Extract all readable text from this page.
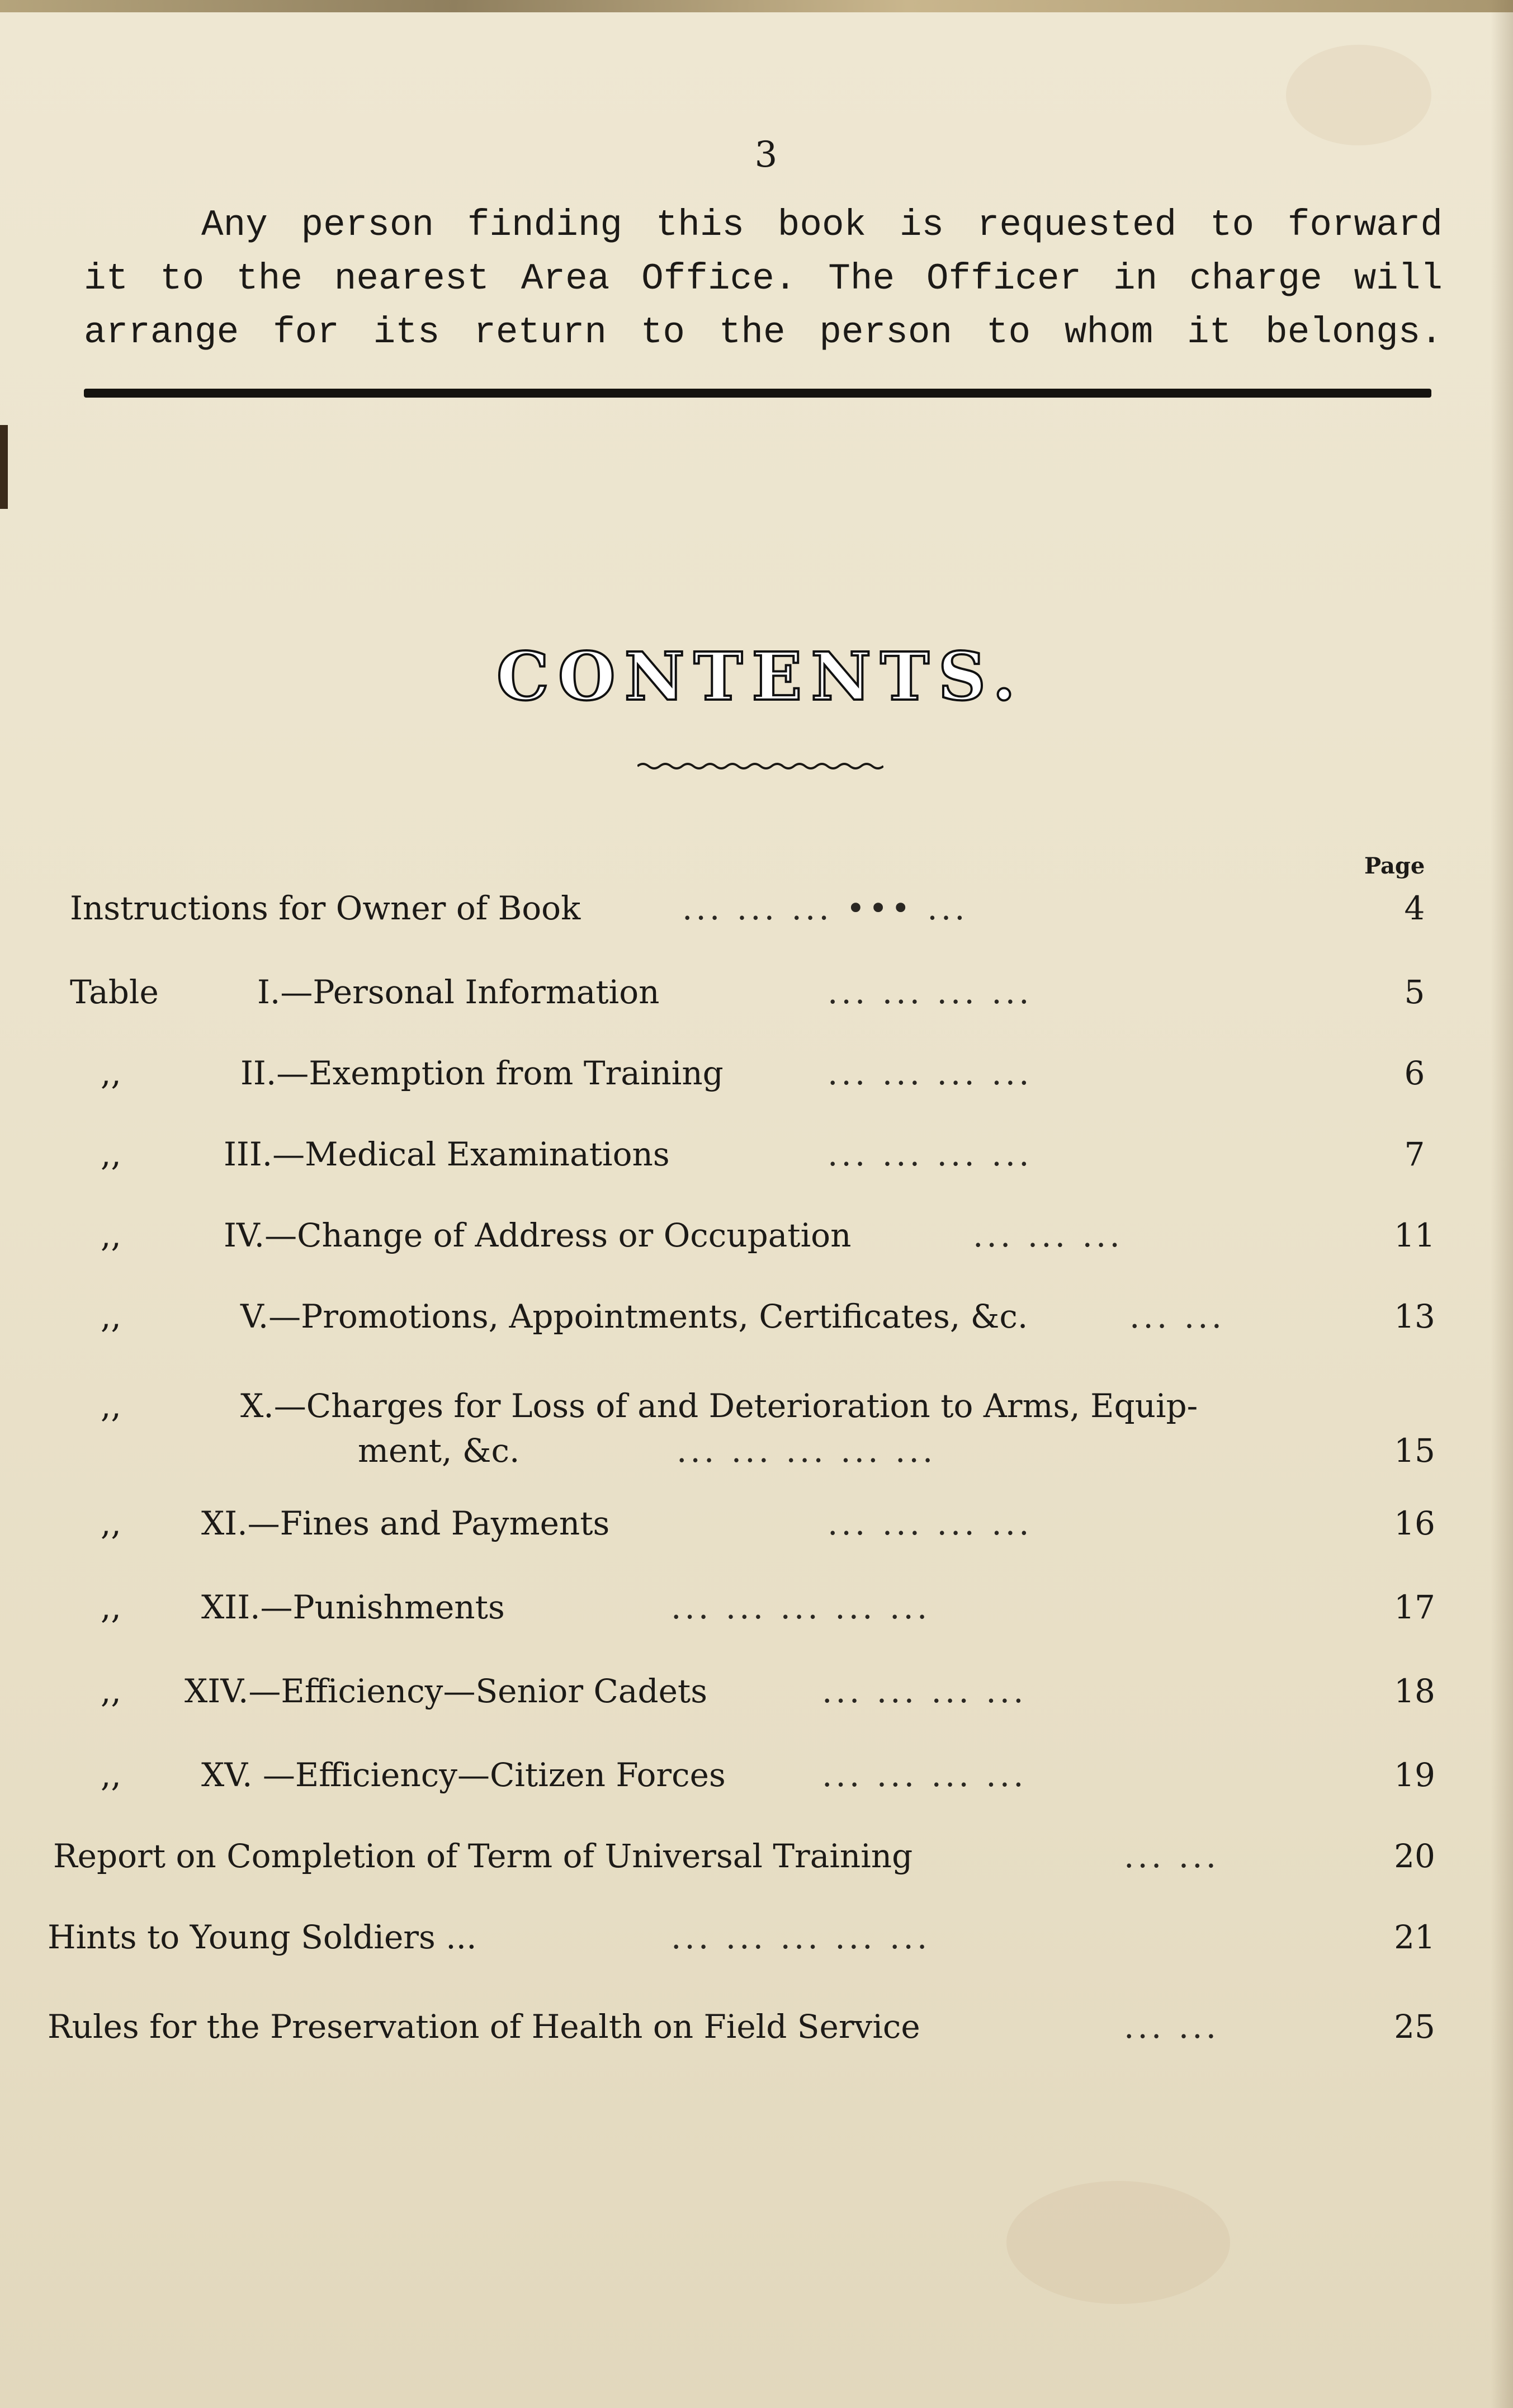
3
Any person finding this book is requested to forward
it to the nearest Area Office. The Officer in charge will
arrange for its return to the person to whom it belongs.
CONTENTS.
Page
Instructions for Owner of Book	... ... ... ••• ...	4
Table	I.—Personal Information	... ... ... ...	5
,,	II.—Exemption from Training	... ... ... ...	6
,,	III.—Medical Examinations	... ... ... ...	7
,,	IV.—Change of Address or Occupation	... ... ...	11
,,	V.—Promotions, Appointments, Certificates, &c.	... ...	13
,,	X.—Charges for Loss of and Deterioration to Arms, Equip-
ment, &c.	... ... ... ... ...	15
,, XI.—Fines and Payments	... ... ... ...	16
,, XII.—Punishments	... ... ... ... ...	17
,, XIV.—Efficiency—Senior Cadets	... ... ... ...	18
,, XV. —Efficiency—Citizen Forces	... ... ... ...	19
Report on Completion of Term of Universal Training	... ...	20
Hints to Young Soldiers ...	... ... ... ... ...	21
Rules for the Preservation of Health on Field Service	... ...	25
